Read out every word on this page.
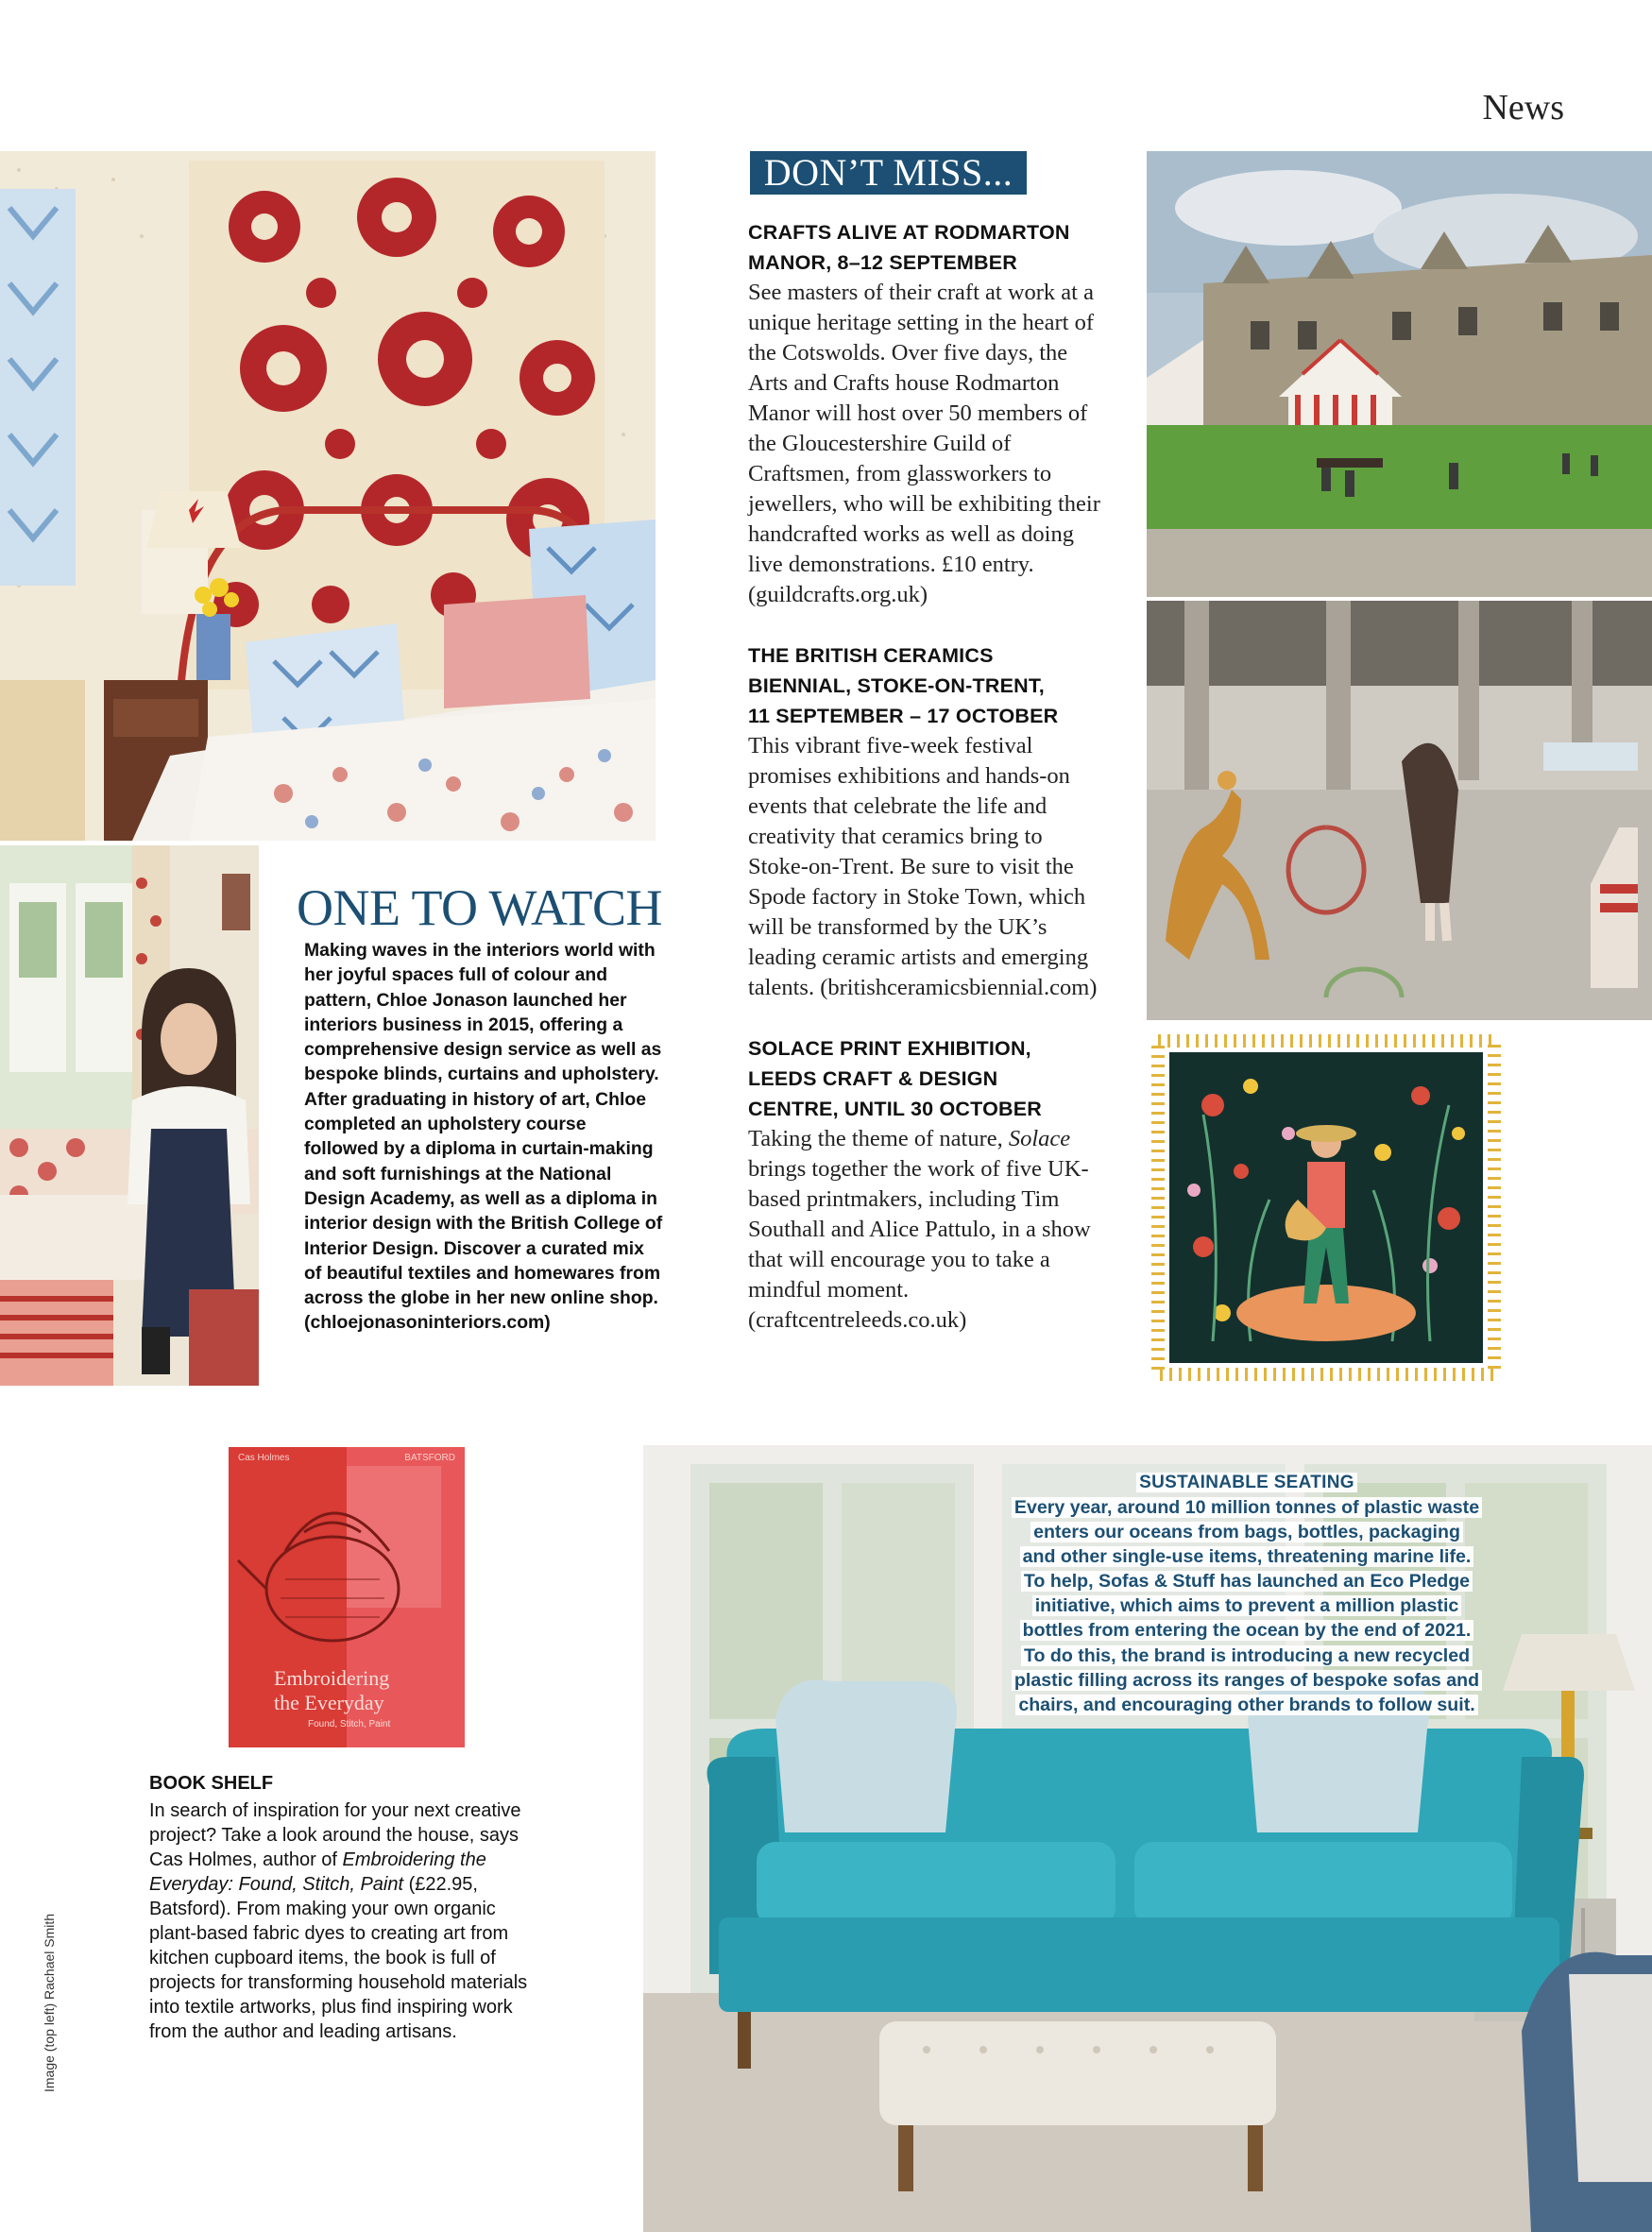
News
ONE TO WATCH
Making waves in the interiors world with her joyful spaces full of colour and pattern, Chloe Jonason launched her interiors business in 2015, offering a comprehensive design service as well as bespoke blinds, curtains and upholstery. After graduating in history of art, Chloe completed an upholstery course followed by a diploma in curtain-making and soft furnishings at the National Design Academy, as well as a diploma in interior design with the British College of Interior Design. Discover a curated mix of beautiful textiles and homewares from across the globe in her new online shop. (chloejonasoninteriors.com)
DON’T MISS...
CRAFTS ALIVE AT RODMARTON
MANOR, 8–12 SEPTEMBER
See masters of their craft at work at a unique heritage setting in the heart of the Cotswolds. Over five days, the Arts and Crafts house Rodmarton Manor will host over 50 members of the Gloucestershire Guild of Craftsmen, from glassworkers to jewellers, who will be exhibiting their handcrafted works as well as doing live demonstrations. £10 entry. (guildcrafts.org.uk)
THE BRITISH CERAMICS
BIENNIAL, STOKE-ON-TRENT,
11 SEPTEMBER – 17 OCTOBER
This vibrant five-week festival promises exhibitions and hands-on events that celebrate the life and creativity that ceramics bring to Stoke-on-Trent. Be sure to visit the Spode factory in Stoke Town, which will be transformed by the UK’s leading ceramic artists and emerging talents. (britishceramicsbiennial.com)
SOLACE PRINT EXHIBITION,
LEEDS CRAFT & DESIGN
CENTRE, UNTIL 30 OCTOBER
Taking the theme of nature, Solace brings together the work of five UK-based printmakers, including Tim Southall and Alice Pattulo, in a show that will encourage you to take a mindful moment. (craftcentreleeds.co.uk)
Cas Holmes	BATSFORD
Embroidering
the Everyday
Found, Stitch, Paint
BOOK SHELF
In search of inspiration for your next creative project? Take a look around the house, says Cas Holmes, author of Embroidering the Everyday: Found, Stitch, Paint (£22.95, Batsford). From making your own organic plant-based fabric dyes to creating art from kitchen cupboard items, the book is full of projects for transforming household materials into textile artworks, plus find inspiring work from the author and leading artisans.
Image (top left) Rachael Smith
SUSTAINABLE SEATING
Every year, around 10 million tonnes of plastic waste
enters our oceans from bags, bottles, packaging
and other single-use items, threatening marine life.
To help, Sofas & Stuff has launched an Eco Pledge
initiative, which aims to prevent a million plastic
bottles from entering the ocean by the end of 2021.
To do this, the brand is introducing a new recycled
plastic filling across its ranges of bespoke sofas and
chairs, and encouraging other brands to follow suit.
